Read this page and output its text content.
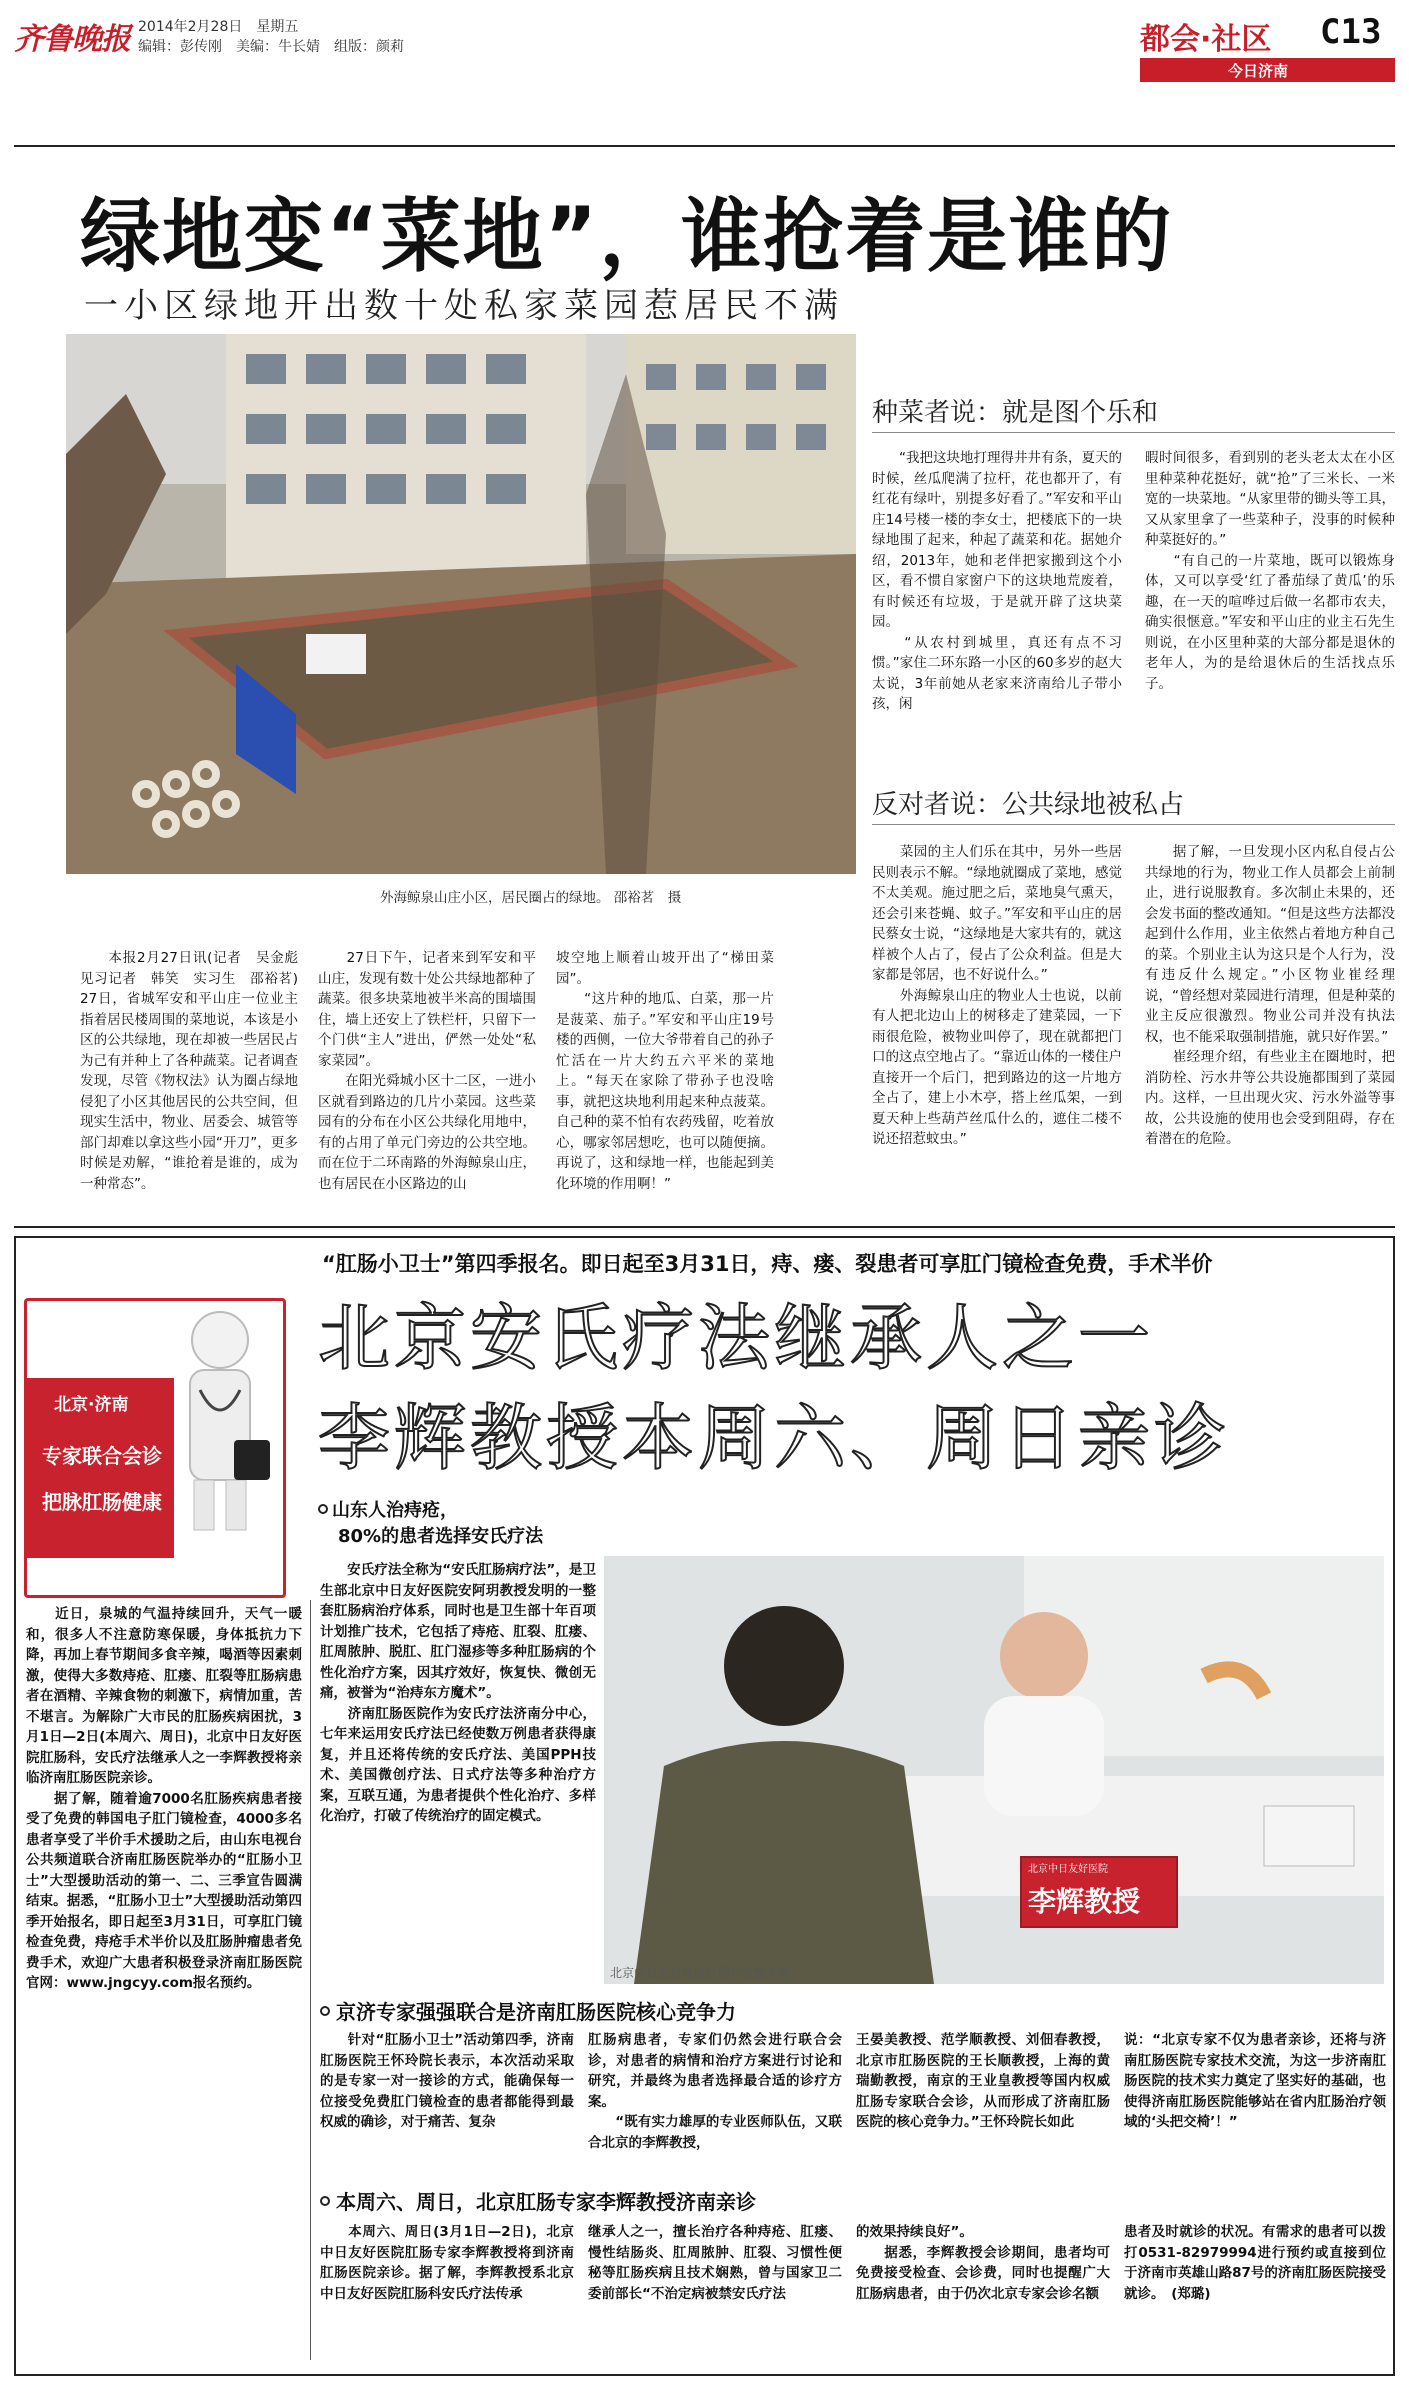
齐鲁晚报 2014年2月28日　星期五
编辑：彭传刚　美编：牛长婧　组版：颜莉	都会·社区 C13
今日济南
绿地变“菜地”，谁抢着是谁的
一小区绿地开出数十处私家菜园惹居民不满
外海鲸泉山庄小区，居民圈占的绿地。 邵裕茗　摄
种菜者说：就是图个乐和
　　“我把这块地打理得井井有条，夏天的时候，丝瓜爬满了拉杆，花也都开了，有红花有绿叶，别提多好看了。”军安和平山庄14号楼一楼的李女士，把楼底下的一块绿地围了起来，种起了蔬菜和花。据她介绍，2013年，她和老伴把家搬到这个小区，看不惯自家窗户下的这块地荒废着，有时候还有垃圾，于是就开辟了这块菜园。
　　“从农村到城里，真还有点不习惯。”家住二环东路一小区的60多岁的赵大太说，3年前她从老家来济南给儿子带小孩，闲
暇时间很多，看到别的老头老太太在小区里种菜种花挺好，就“抢”了三米长、一米宽的一块菜地。“从家里带的锄头等工具，又从家里拿了一些菜种子，没事的时候种种菜挺好的。”
　　“有自己的一片菜地，既可以锻炼身体，又可以享受‘红了番茄绿了黄瓜’的乐趣，在一天的喧哗过后做一名都市农夫，确实很惬意。”军安和平山庄的业主石先生则说，在小区里种菜的大部分都是退休的老年人，为的是给退休后的生活找点乐子。
反对者说：公共绿地被私占
　　菜园的主人们乐在其中，另外一些居民则表示不解。“绿地就圈成了菜地，感觉不太美观。施过肥之后，菜地臭气熏天，还会引来苍蝇、蚊子。”军安和平山庄的居民蔡女士说，“这绿地是大家共有的，就这样被个人占了，侵占了公众利益。但是大家都是邻居，也不好说什么。”
　　外海鲸泉山庄的物业人士也说，以前有人把北边山上的树移走了建菜园，一下雨很危险，被物业叫停了，现在就都把门口的这点空地占了。“靠近山体的一楼住户直接开一个后门，把到路边的这一片地方全占了，建上小木亭，搭上丝瓜架，一到夏天种上些葫芦丝瓜什么的，遮住二楼不说还招惹蚊虫。”
　　据了解，一旦发现小区内私自侵占公共绿地的行为，物业工作人员都会上前制止，进行说服教育。多次制止未果的，还会发书面的整改通知。“但是这些方法都没起到什么作用，业主依然占着地方种自己的菜。个别业主认为这只是个人行为，没有违反什么规定。”小区物业崔经理说，“曾经想对菜园进行清理，但是种菜的业主反应很激烈。物业公司并没有执法权，也不能采取强制措施，就只好作罢。”
　　崔经理介绍，有些业主在圈地时，把消防栓、污水井等公共设施都围到了菜园内。这样，一旦出现火灾、污水外溢等事故，公共设施的使用也会受到阻碍，存在着潜在的危险。
　　本报2月27日讯(记者　吴金彪　见习记者　韩笑　实习生　邵裕茗)　27日，省城军安和平山庄一位业主指着居民楼周围的菜地说，本该是小区的公共绿地，现在却被一些居民占为己有并种上了各种蔬菜。记者调查发现，尽管《物权法》认为圈占绿地侵犯了小区其他居民的公共空间，但现实生活中，物业、居委会、城管等部门却难以拿这些小园“开刀”，更多时候是劝解，“谁抢着是谁的，成为一种常态”。
　　27日下午，记者来到军安和平山庄，发现有数十处公共绿地都种了蔬菜。很多块菜地被半米高的围墙围住，墙上还安上了铁栏杆，只留下一个门供“主人”进出，俨然一处处“私家菜园”。
　　在阳光舜城小区十二区，一进小区就看到路边的几片小菜园。这些菜园有的分布在小区公共绿化用地中，有的占用了单元门旁边的公共空地。而在位于二环南路的外海鲸泉山庄，也有居民在小区路边的山
坡空地上顺着山坡开出了“梯田菜园”。
　　“这片种的地瓜、白菜，那一片是菠菜、茄子。”军安和平山庄19号楼的西侧，一位大爷带着自己的孙子忙活在一片大约五六平米的菜地上。“每天在家除了带孙子也没啥事，就把这块地利用起来种点菠菜。自己种的菜不怕有农药残留，吃着放心，哪家邻居想吃，也可以随便摘。再说了，这和绿地一样，也能起到美化环境的作用啊！”
北京·济南
专家联合会诊
把脉肛肠健康
“肛肠小卫士”第四季报名。即日起至3月31日，痔、瘘、裂患者可享肛门镜检查免费，手术半价
北京安氏疗法继承人之一
李辉教授本周六、周日亲诊
山东人治痔疮，
80%的患者选择安氏疗法
　　近日，泉城的气温持续回升，天气一暖和，很多人不注意防寒保暖，身体抵抗力下降，再加上春节期间多食辛辣，喝酒等因素刺激，使得大多数痔疮、肛瘘、肛裂等肛肠病患者在酒精、辛辣食物的刺激下，病情加重，苦不堪言。为解除广大市民的肛肠疾病困扰，3月1日—2日(本周六、周日)，北京中日友好医院肛肠科，安氏疗法继承人之一李辉教授将亲临济南肛肠医院亲诊。
　　据了解，随着逾7000名肛肠疾病患者接受了免费的韩国电子肛门镜检查，4000多名患者享受了半价手术援助之后，由山东电视台公共频道联合济南肛肠医院举办的“肛肠小卫士”大型援助活动的第一、二、三季宣告圆满结束。据悉，“肛肠小卫士”大型援助活动第四季开始报名，即日起至3月31日，可享肛门镜检查免费，痔疮手术半价以及肛肠肿瘤患者免费手术，欢迎广大患者积极登录济南肛肠医院官网：www.jngcyy.com报名预约。
　　安氏疗法全称为“安氏肛肠病疗法”，是卫生部北京中日友好医院安阿玥教授发明的一整套肛肠病治疗体系，同时也是卫生部十年百项计划推广技术，它包括了痔疮、肛裂、肛瘘、肛周脓肿、脱肛、肛门湿疹等多种肛肠病的个性化治疗方案，因其疗效好，恢复快、微创无痛，被誉为“治痔东方魔术”。
　　济南肛肠医院作为安氏疗法济南分中心，七年来运用安氏疗法已经使数万例患者获得康复，并且还将传统的安氏疗法、美国PPH技术、美国微创疗法、日式疗法等多种治疗方案，互联互通，为患者提供个性化治疗、多样化治疗，打破了传统治疗的固定模式。
北京中日友好医院
李辉教授
北京中日友好医院肛肠科教授李辉
京济专家强强联合是济南肛肠医院核心竞争力
　　针对“肛肠小卫士”活动第四季，济南肛肠医院王怀玲院长表示，本次活动采取的是专家一对一接诊的方式，能确保每一位接受免费肛门镜检查的患者都能得到最权威的确诊，对于痛苦、复杂
肛肠病患者，专家们仍然会进行联合会诊，对患者的病情和治疗方案进行讨论和研究，并最终为患者选择最合适的诊疗方案。
　　“既有实力雄厚的专业医师队伍，又联合北京的李辉教授，
王晏美教授、范学顺教授、刘佃春教授，北京市肛肠医院的王长顺教授，上海的黄瑞勤教授，南京的王业皇教授等国内权威肛肠专家联合会诊，从而形成了济南肛肠医院的核心竞争力。”王怀玲院长如此
说：“北京专家不仅为患者亲诊，还将与济南肛肠医院专家技术交流，为这一步济南肛肠医院的技术实力奠定了坚实好的基础，也使得济南肛肠医院能够站在省内肛肠治疗领域的‘头把交椅’！”
本周六、周日，北京肛肠专家李辉教授济南亲诊
　　本周六、周日(3月1日—2日)，北京中日友好医院肛肠专家李辉教授将到济南肛肠医院亲诊。据了解，李辉教授系北京中日友好医院肛肠科安氏疗法传承
继承人之一，擅长治疗各种痔疮、肛瘘、慢性结肠炎、肛周脓肿、肛裂、习惯性便秘等肛肠疾病且技术娴熟，曾与国家卫二委前部长“不治定病被禁安氏疗法
的效果持续良好”。
　　据悉，李辉教授会诊期间，患者均可免费接受检查、会诊费，同时也提醒广大肛肠病患者，由于仍次北京专家会诊名额
患者及时就诊的状况。有需求的患者可以拨打0531-82979994进行预约或直接到位于济南市英雄山路87号的济南肛肠医院接受就诊。　(郑璐)
